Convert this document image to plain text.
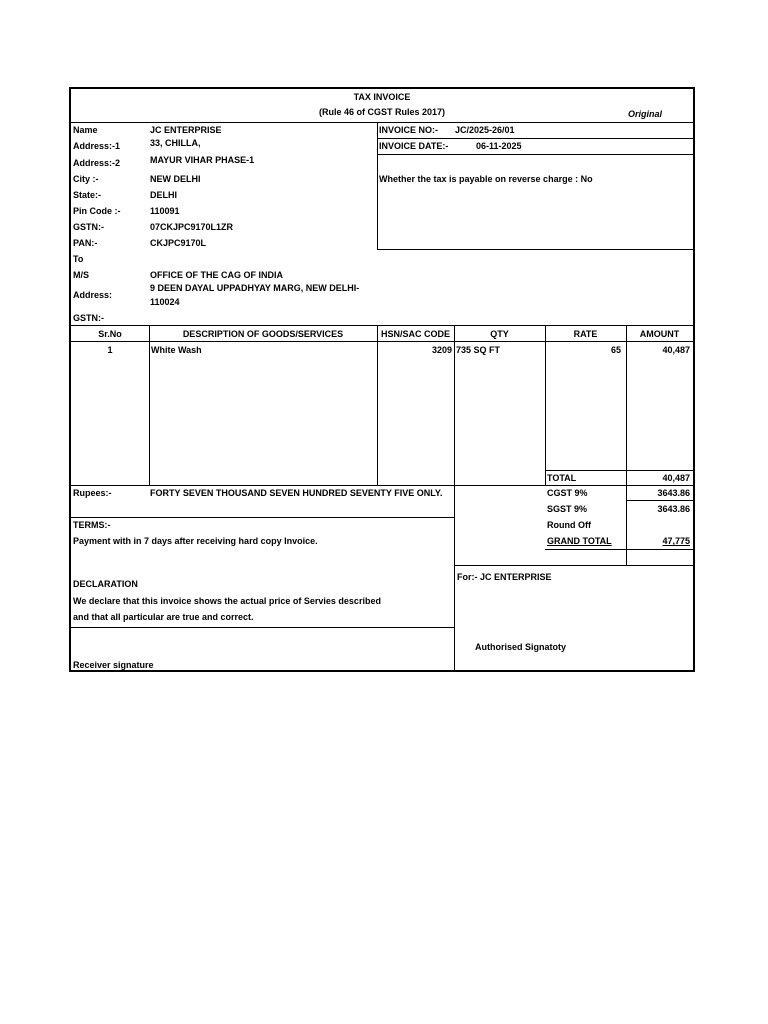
TAX INVOICE
(Rule 46 of CGST Rules 2017)	Original
Name	JC ENTERPRISE
Address:-1	33, CHILLA,
Address:-2	MAYUR VIHAR PHASE-1
City :-	NEW DELHI
State:-	DELHI
Pin Code :-	110091
GSTN:-	07CKJPC9170L1ZR
PAN:-	CKJPC9170L
INVOICE NO:- JC/2025-26/01
INVOICE DATE:-	06-11-2025
Whether the tax is payable on reverse charge : No
To
M/S	OFFICE OF THE CAG OF INDIA
Address:
9 DEEN DAYAL UPPADHYAY MARG, NEW DELHI-
110024
GSTN:-
Sr.No	DESCRIPTION OF GOODS/SERVICES	HSN/SAC CODE	QTY	RATE	AMOUNT
1	White Wash	3209 735 SQ FT	65	40,487
TOTAL	40,487
CGST 9%	3643.86
SGST 9%	3643.86
Round Off
GRAND TOTAL	47,775
Rupees:-	FORTY SEVEN THOUSAND SEVEN HUNDRED SEVENTY FIVE ONLY.
TERMS:-
Payment with in 7 days after receiving hard copy Invoice.
DECLARATION
We declare that this invoice shows the actual price of Servies described
and that all particular are true and correct.
Receiver signature
For:- JC ENTERPRISE
Authorised Signatoty
